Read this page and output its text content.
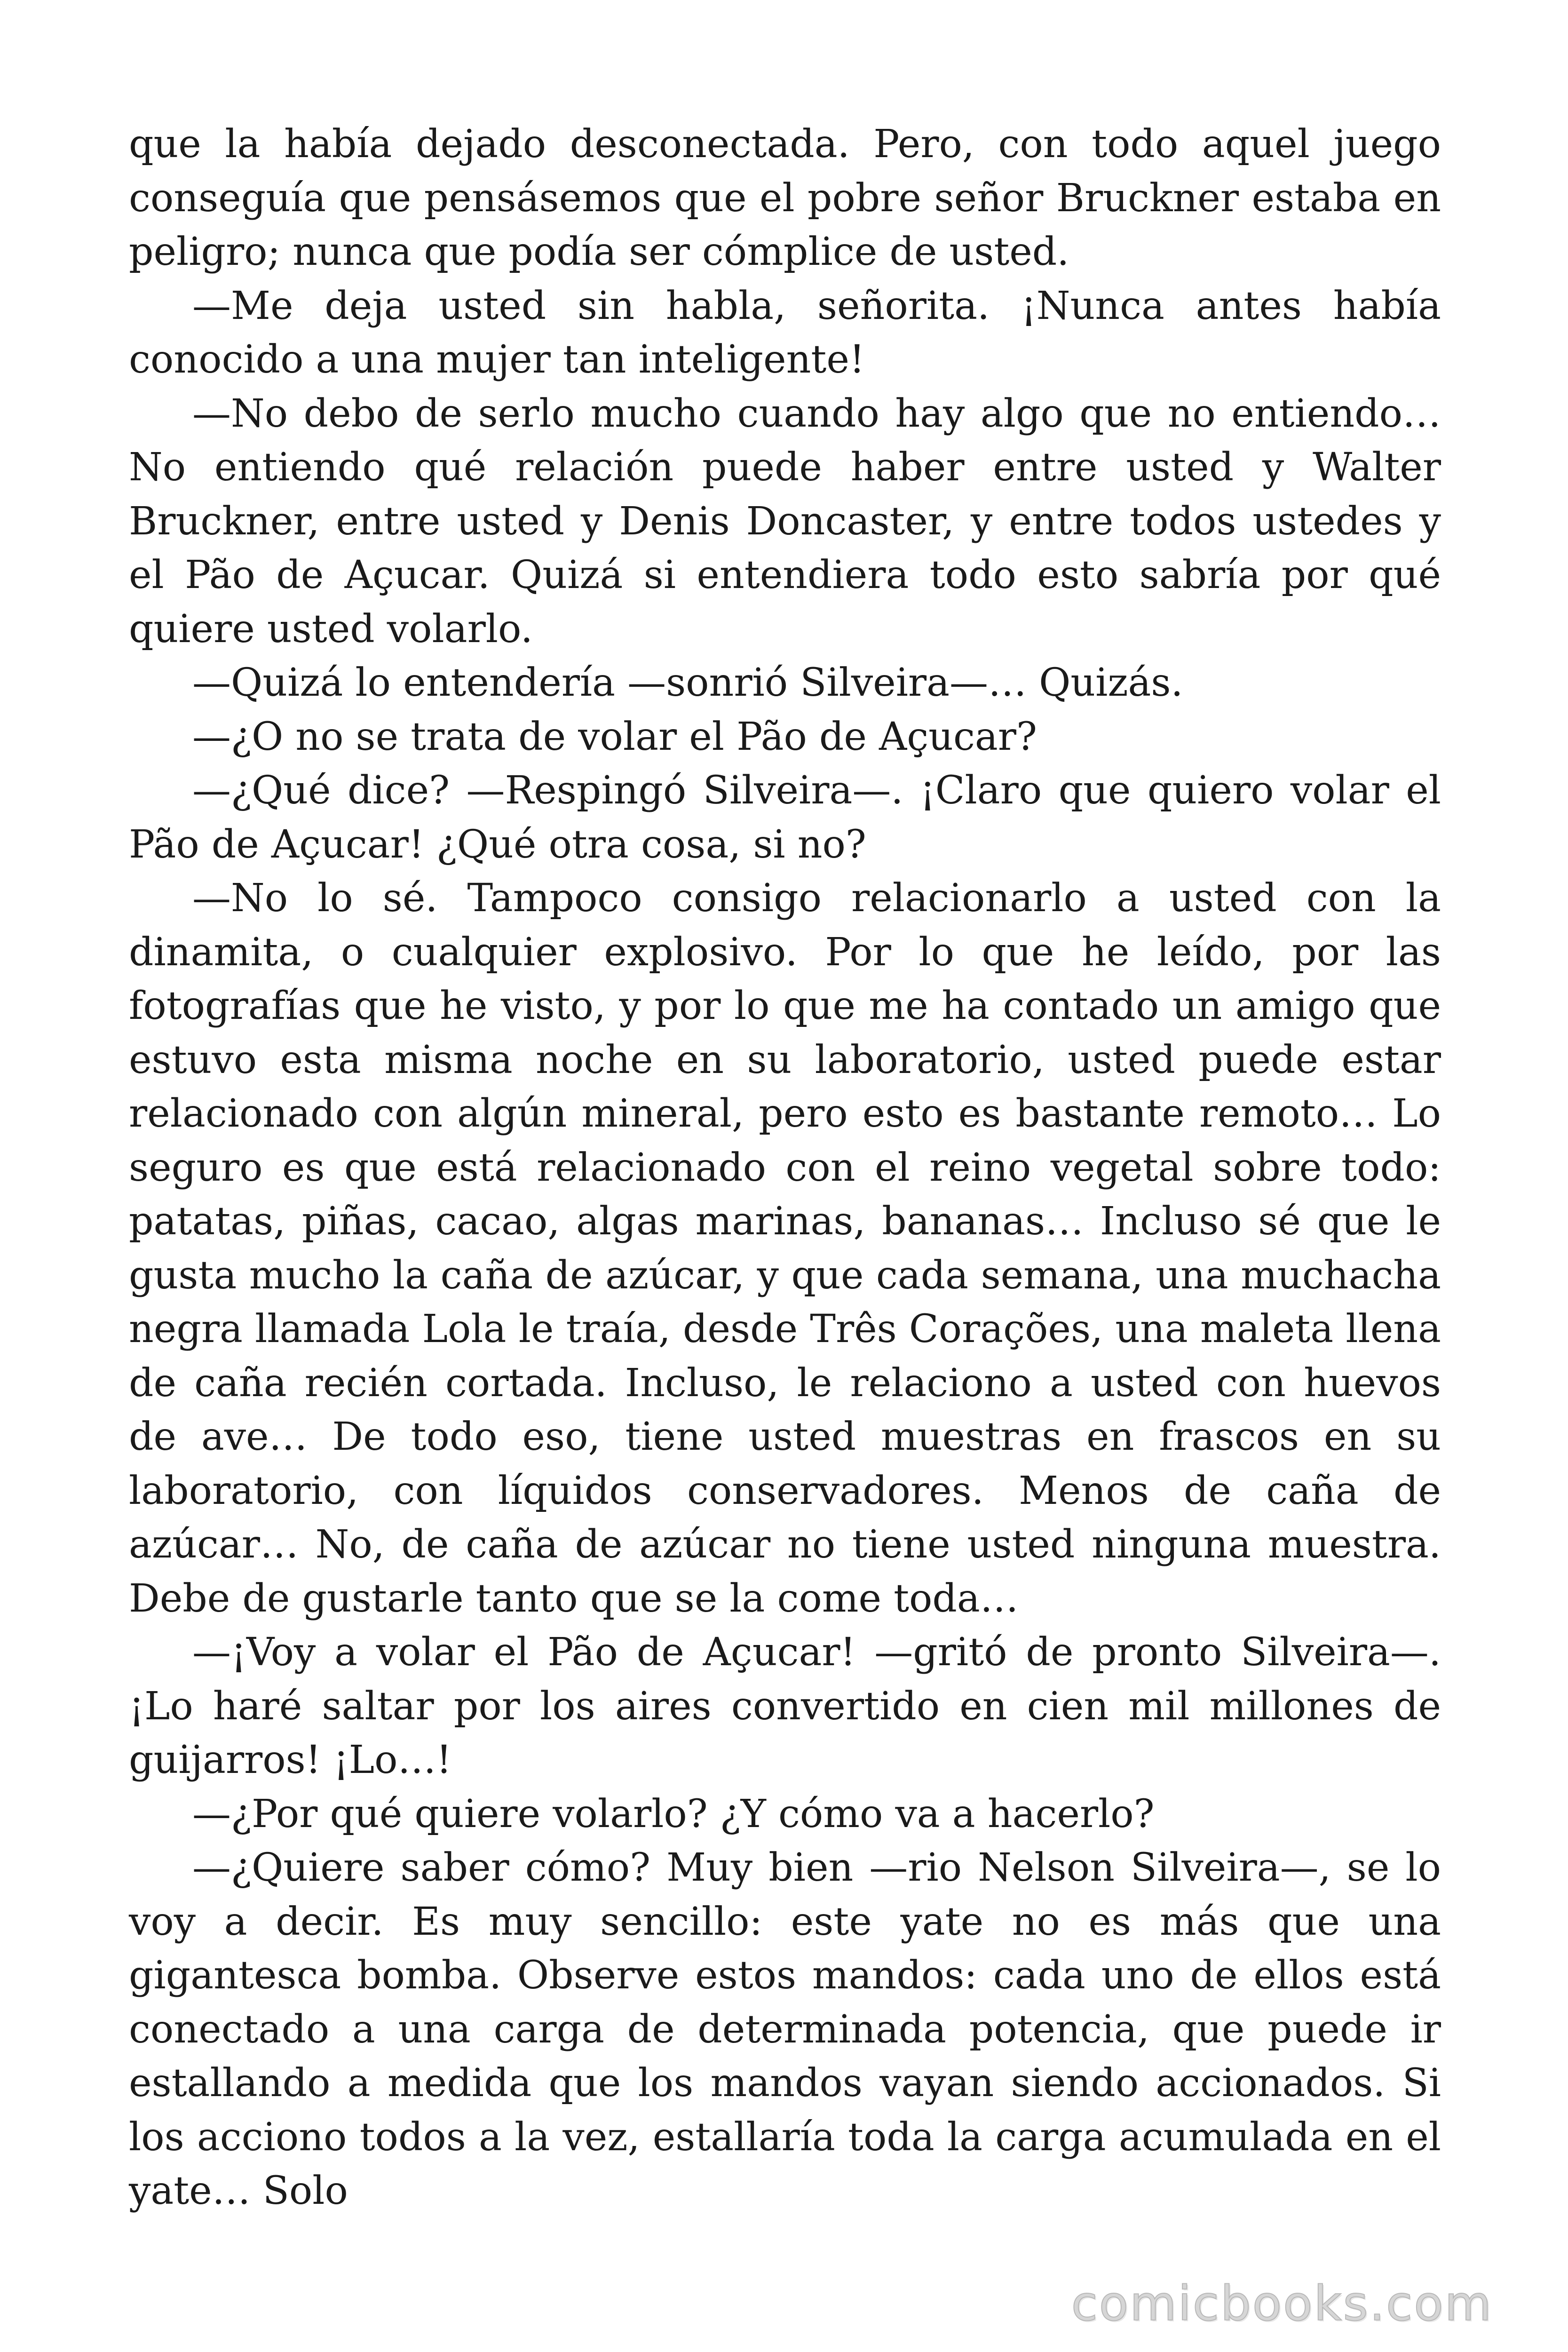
que la había dejado desconectada. Pero, con todo aquel juego conseguía que pensásemos que el pobre señor Bruckner estaba en peligro; nunca que podía ser cómplice de usted.

—Me deja usted sin habla, señorita. ¡Nunca antes había conocido a una mujer tan inteligente!

—No debo de serlo mucho cuando hay algo que no entiendo… No entiendo qué relación puede haber entre usted y Walter Bruckner, entre usted y Denis Doncaster, y entre todos ustedes y el Pão de Açucar. Quizá si entendiera todo esto sabría por qué quiere usted volarlo.

—Quizá lo entendería —sonrió Silveira—… Quizás.

—¿O no se trata de volar el Pão de Açucar?

—¿Qué dice? —Respingó Silveira—. ¡Claro que quiero volar el Pão de Açucar! ¿Qué otra cosa, si no?

—No lo sé. Tampoco consigo relacionarlo a usted con la dinamita, o cualquier explosivo. Por lo que he leído, por las fotografías que he visto, y por lo que me ha contado un amigo que estuvo esta misma noche en su laboratorio, usted puede estar relacionado con algún mineral, pero esto es bastante remoto… Lo seguro es que está relacionado con el reino vegetal sobre todo: patatas, piñas, cacao, algas marinas, bananas… Incluso sé que le gusta mucho la caña de azúcar, y que cada semana, una muchacha negra llamada Lola le traía, desde Três Corações, una maleta llena de caña recién cortada. Incluso, le relaciono a usted con huevos de ave… De todo eso, tiene usted muestras en frascos en su laboratorio, con líquidos conservadores. Menos de caña de azúcar… No, de caña de azúcar no tiene usted ninguna muestra. Debe de gustarle tanto que se la come toda…

—¡Voy a volar el Pão de Açucar! —gritó de pronto Silveira—. ¡Lo haré saltar por los aires convertido en cien mil millones de guijarros! ¡Lo…!

—¿Por qué quiere volarlo? ¿Y cómo va a hacerlo?

—¿Quiere saber cómo? Muy bien —rio Nelson Silveira—, se lo voy a decir. Es muy sencillo: este yate no es más que una gigantesca bomba. Observe estos mandos: cada uno de ellos está conectado a una carga de determinada potencia, que puede ir estallando a medida que los mandos vayan siendo accionados. Si los acciono todos a la vez, estallaría toda la carga acumulada en el yate… Solo

comicbooks.com
